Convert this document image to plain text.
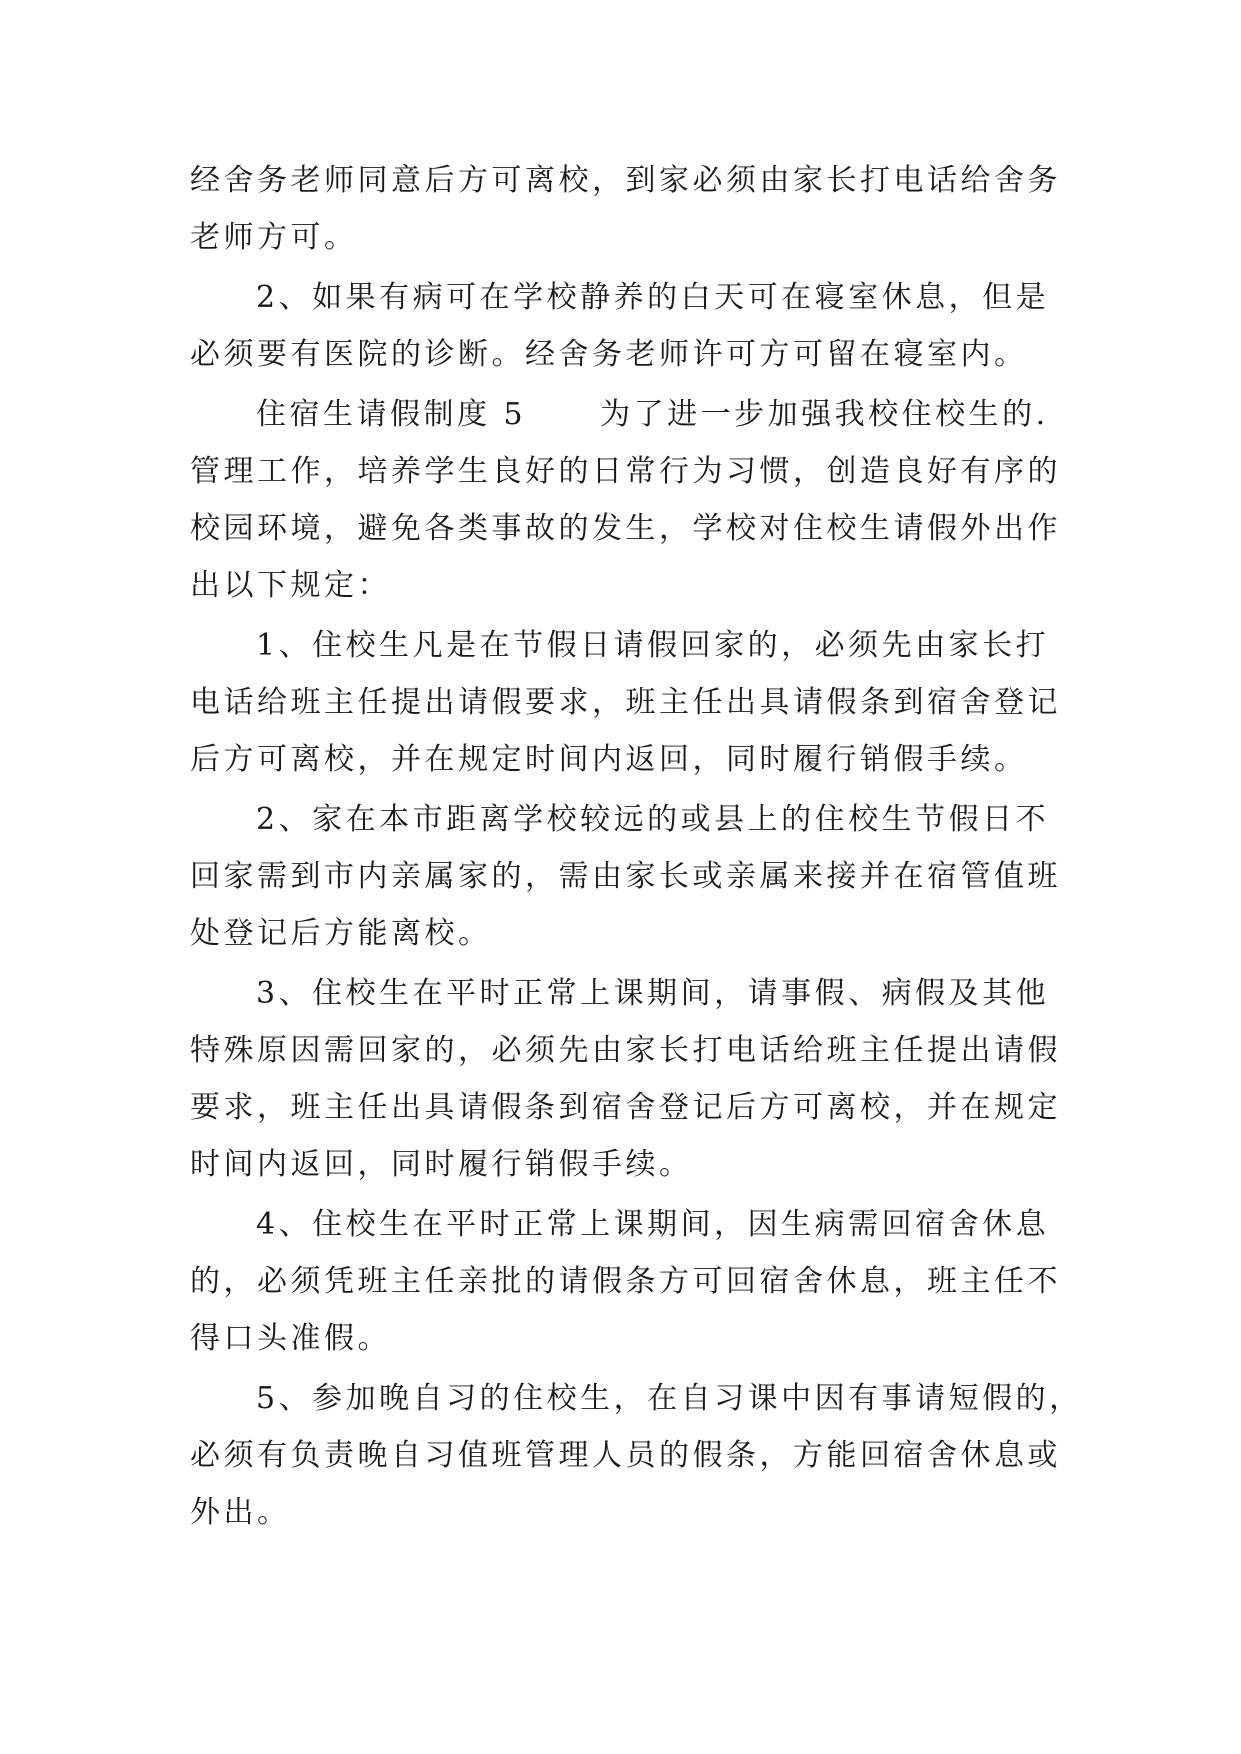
经舍务老师同意后方可离校，到家必须由家长打电话给舍务
老师方可。
2、如果有病可在学校静养的白天可在寝室休息，但是
必须要有医院的诊断。经舍务老师许可方可留在寝室内。
住宿生请假制度 5 为了进一步加强我校住校生的.
管理工作，培养学生良好的日常行为习惯，创造良好有序的
校园环境，避免各类事故的发生，学校对住校生请假外出作
出以下规定：
1、住校生凡是在节假日请假回家的，必须先由家长打
电话给班主任提出请假要求，班主任出具请假条到宿舍登记
后方可离校，并在规定时间内返回，同时履行销假手续。
2、家在本市距离学校较远的或县上的住校生节假日不
回家需到市内亲属家的，需由家长或亲属来接并在宿管值班
处登记后方能离校。
3、住校生在平时正常上课期间，请事假、病假及其他
特殊原因需回家的，必须先由家长打电话给班主任提出请假
要求，班主任出具请假条到宿舍登记后方可离校，并在规定
时间内返回，同时履行销假手续。
4、住校生在平时正常上课期间，因生病需回宿舍休息
的，必须凭班主任亲批的请假条方可回宿舍休息，班主任不
得口头准假。
5、参加晚自习的住校生，在自习课中因有事请短假的，
必须有负责晚自习值班管理人员的假条，方能回宿舍休息或
外出。
